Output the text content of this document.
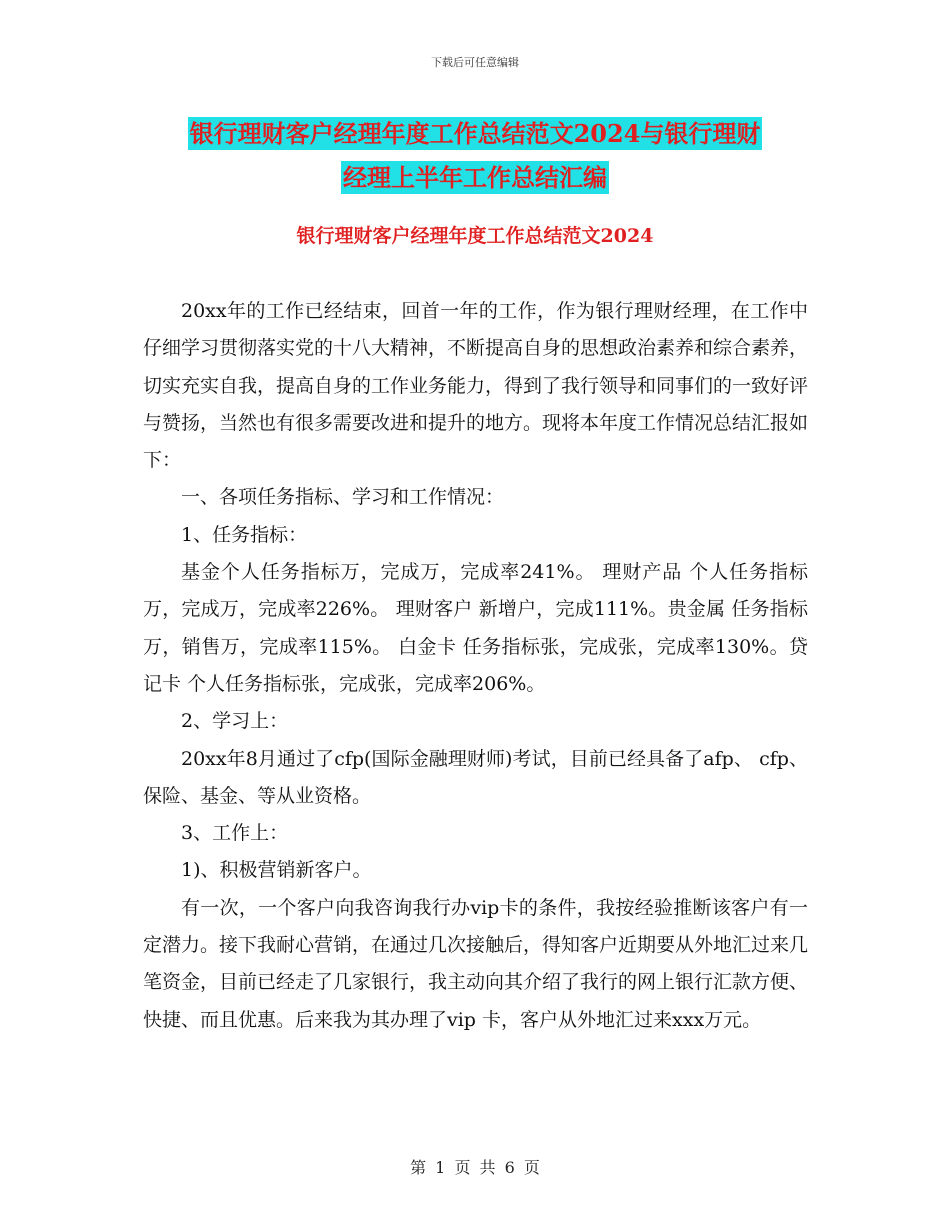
下载后可任意编辑
银行理财客户经理年度工作总结范文2024与银行理财
经理上半年工作总结汇编
银行理财客户经理年度工作总结范文2024

20xx年的工作已经结束，回首一年的工作，作为银行理财经理，在工作中仔细学习贯彻落实党的十八大精神，不断提高自身的思想政治素养和综合素养，切实充实自我，提高自身的工作业务能力，得到了我行领导和同事们的一致好评与赞扬，当然也有很多需要改进和提升的地方。现将本年度工作情况总结汇报如下：

一、各项任务指标、学习和工作情况：

1、任务指标：

基金个人任务指标万，完成万，完成率241%。 理财产品 个人任务指标万，完成万，完成率226%。 理财客户 新增户，完成111%。贵金属 任务指标万，销售万，完成率115%。 白金卡 任务指标张，完成张，完成率130%。贷记卡 个人任务指标张，完成张，完成率206%。

2、学习上：

20xx年8月通过了cfp(国际金融理财师)考试，目前已经具备了afp、 cfp、保险、基金、等从业资格。

3、工作上：

1)、积极营销新客户。

有一次，一个客户向我咨询我行办vip卡的条件，我按经验推断该客户有一 定潜力。接下我耐心营销，在通过几次接触后，得知客户近期要从外地汇过来几 笔资金，目前已经走了几家银行，我主动向其介绍了我行的网上银行汇款方便、 快捷、而且优惠。后来我为其办理了vip 卡，客户从外地汇过来xxx万元。

第 1 页 共 6 页
